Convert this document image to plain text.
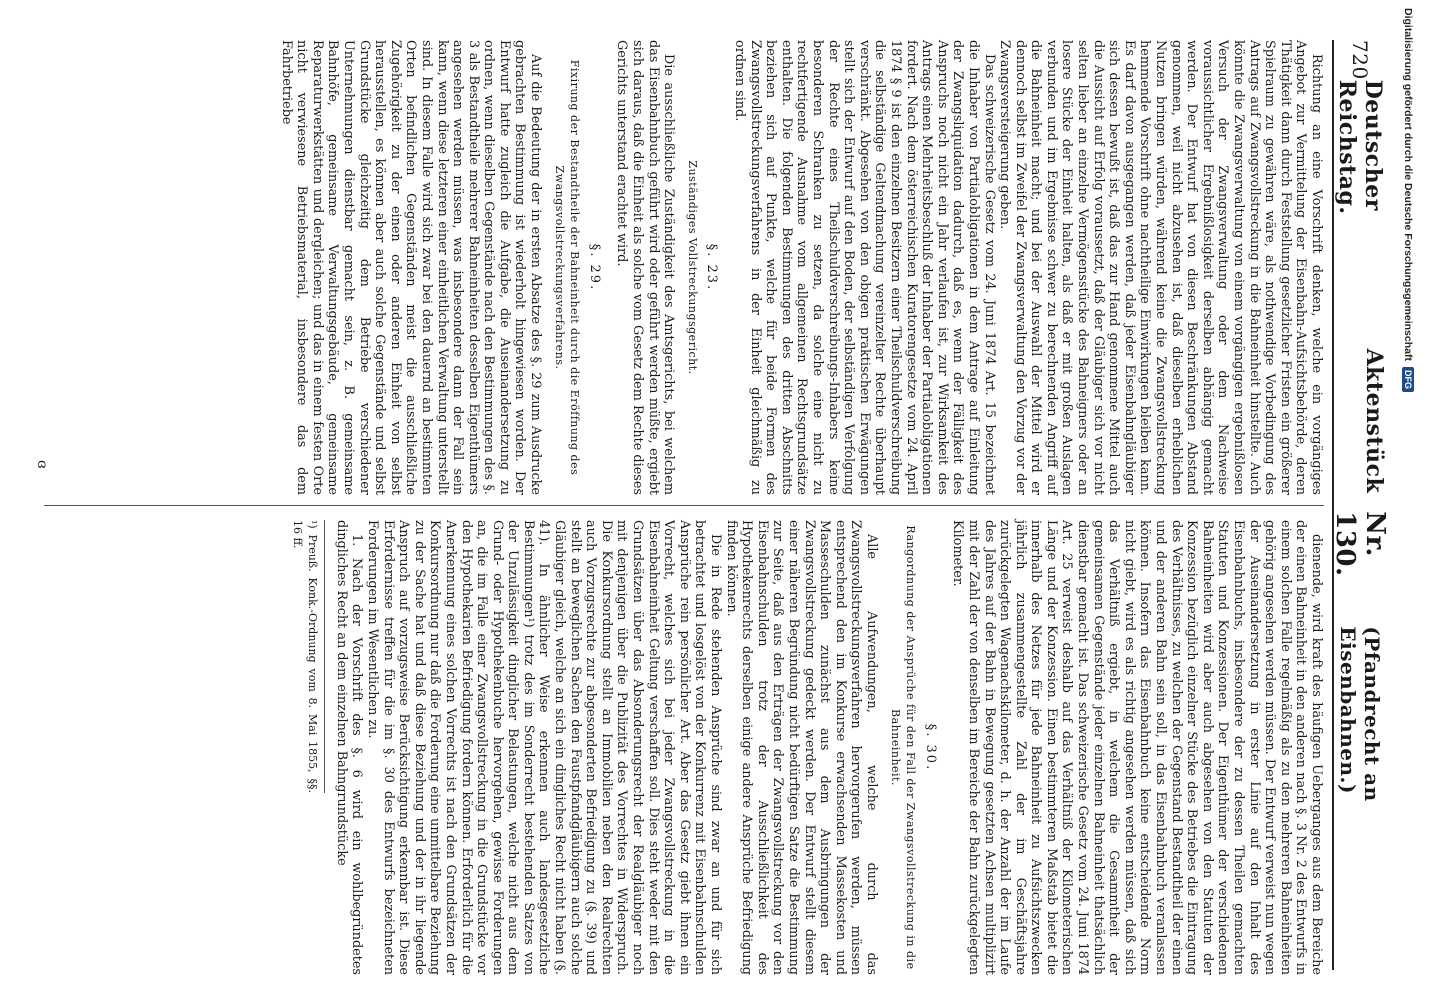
720
Deutscher Reichstag.
Aktenstück
Nr. 130.
(Pfandrecht an Eisenbahnen.)

Richtung an eine Vorschrift denken, welche ein vorgängiges Angebot zur Vermittelung der Eisenbahn-Aufsichtsbehörde, deren Thätigkeit dann durch Feststellung gesetzlicher Fristen ein größerer Spielraum zu gewähren wäre, als nothwendige Vorbedingung des Antrags auf Zwangsvollstreckung in die Bahneinheit hinstellte. Auch könnte die Zwangsverwaltung von einem vorgängigen ergebnißlosen Versuch der Zwangsverwaltung oder dem Nachweise voraussichtlicher Ergebnißlosigkeit derselben abhängig gemacht werden. Der Entwurf hat von diesen Beschränkungen Abstand genommen, weil nicht abzusehen ist, daß dieselben erheblichen Nutzen bringen würden, während keine die Zwangsvollstreckung hemmende Vorschrift ohne nachtheilige Einwirkungen bleiben kann. Es darf davon ausgegangen werden, daß jeder Eisenbahngläubiger sich dessen bewußt ist, daß das zur Hand genommene Mittel auch die Aussicht auf Erfolg voraussetzt, daß der Gläubiger sich vor nicht selten lieber an einzelne Vermögensstücke des Bahneigners oder an losere Stücke der Einheit halten, als daß er mit großen Auslagen verbunden und im Ergebnisse schwer zu berechnenden Angriff auf die Bahneinheit macht; und bei der Auswahl der Mittel wird er dennoch selbst im Zweifel der Zwangsverwaltung den Vorzug vor der Zwangsversteigerung geben.

Das schweizerische Gesetz vom 24. Juni 1874 Art. 15 bezeichnet die Inhaber von Partialobligationen in dem Antrage auf Einleitung der Zwangsliquidation dadurch, daß es, wenn der Fälligkeit des Anspruchs noch nicht ein Jahr verlaufen ist, zur Wirksamkeit des Antrags einen Mehrheitsbeschluß der Inhaber der Partialobligationen fordert. Nach dem österreichischen Kuratorengesetze vom 24. April 1874 § 9 ist den einzelnen Besitzern einer Theilschuldverschreibung die selbständige Geltendmachung vereinzelter Rechte überhaupt verschränkt. Abgesehen von den obigen praktischen Erwägungen stellt sich der Entwurf auf den Boden, der selbständigen Verfolgung der Rechte eines Theilschuldverschreibungs-Inhabers keine besonderen Schranken zu setzen, da solche eine nicht zu rechtfertigende Ausnahme vom allgemeinen Rechtsgrundsätze enthalten. Die folgenden Bestimmungen des dritten Abschnitts beziehen sich auf Punkte, welche für beide Formen des Zwangsvollstreckungsverfahrens in der Einheit gleichmäßig zu ordnen sind.

§. 23.

Zuständiges Vollstreckungsgericht.

Die ausschließliche Zuständigkeit des Amtsgerichts, bei welchem das Eisenbahnbuch geführt wird oder geführt werden müßte, ergiebt sich daraus, daß die Einheit als solche vom Gesetz dem Rechte dieses Gerichts unterstand erachtet wird.

§. 29.

Fixirung der Bestandtheile der Bahneinheit durch die Eröffnung des Zwangsvollstreckungsverfahrens.

Auf die Bedeutung der in ersten Absatze des §. 29 zum Ausdrucke gebrachten Bestimmung ist wiederholt hingewiesen worden. Der Entwurf hatte zugleich die Aufgabe, die Auseinandersetzung zu ordnen, wenn dieselben Gegenstände nach den Bestimmungen des §. 3 als Bestandtheile mehrerer Bahneinheiten desselben Eigenthümers angesehen werden müssen, was insbesondere dann der Fall sein kann, wenn diese letzteren einer einheitlichen Verwaltung unterstellt sind. In diesem Falle wird sich zwar bei den dauernd an bestimmten Orten befindlichen Gegenständen meist die ausschließliche Zugehörigkeit zu der einen oder anderen Einheit von selbst herausstellen, es können aber auch solche Gegenstände und selbst Grundstücke gleichzeitig dem Betriebe verschiedener Unternehmungen dienstbar gemacht sein, z. B. gemeinsame Bahnhöfe, gemeinsame Verwaltungsgebäude, gemeinsame Reparaturwerkstätten und dergleichen; und das in einem festen Orte nicht verwiesene Betriebsmaterial, insbesondere das dem Fahrbetriebe

dienende, wird kraft des häufigen Ueberganges aus dem Bereiche der einen Bahneinheit in den anderen nach §. 3 Nr. 2 des Entwurfs in einem solchen Falle regelmäßig als zu den mehreren Bahneinheiten gehörig angesehen werden müssen. Der Entwurf verweist nun wegen der Auseinandersetzung in erster Linie auf den Inhalt des Eisenbahnbuchs, insbesondere der zu dessen Theilen gemachten Statuten und Konzessionen. Der Eigenthümer der verschiedenen Bahneinheiten wird aber auch abgesehen von den Statuten der Konzession bezüglich einzelner Stücke des Betriebes die Eintragung des Verhältnisses, zu welchen der Gegenstand Bestandtheil der einen und der anderen Bahn sein soll, in das Eisenbahnbuch veranlassen können. Insofern das Eisenbahnbuch keine entscheidende Norm nicht giebt, wird es als richtig angesehen werden müssen, daß sich das Verhältniß ergiebt, in welchem die Gesammtheit der gemeinsamen Gegenstände jeder einzelnen Bahneinheit thatsächlich dienstbar gemacht ist. Das schweizerische Gesetz vom 24. Juni 1874 Art. 25 verweist deshalb auf das Verhältniß der Kilometerischen Länge und der Konzession. Einen bestimmteren Maßstab bietet die innerhalb des Netzes für jede Bahneinheit zu Aufsichtszwecken jährlich zusammengestellte Zahl der im Geschäftsjahre zurückgelegten Wagenachskilometer, d. h. der Anzahl der im Laufe des Jahres auf der Bahn in Bewegung gesetzten Achsen multiplizirt mit der Zahl der von denselben im Bereiche der Bahn zurückgelegten Kilometer.

§. 30.

Rangordnung der Ansprüche für den Fall der Zwangsvollstreckung in die Bahneinheit.

Alle Aufwendungen, welche durch das Zwangsvollstreckungsverfahren hervorgerufen werden, müssen entsprechend den im Konkurse erwachsenden Massekosten und Masseschulden zunächst aus dem Ausbringungen der Zwangsvollstreckung gedeckt werden. Der Entwurf stellt diesem einer näheren Begründung nicht bedürftigen Satze die Bestimmung zur Seite, daß aus den Erträgen der Zwangsvollstreckung vor den Eisenbahnschulden trotz der Ausschließlichkeit des Hypothekenrechts derselben einige andere Ansprüche Befriedigung finden können.

Die in Rede stehenden Ansprüche sind zwar an und für sich betrachtet und losgelöst von der Konkurrenz mit Eisenbahnschulden Ansprüche rein persönlicher Art. Aber das Gesetz giebt ihnen ein Vorrecht, welches sich bei jeder Zwangsvollstreckung in die Eisenbahneinheit Geltung verschaffen soll. Dies steht weder mit den Grundsätzen über das Absonderungsrecht der Realgläubiger noch mit denjenigen über die Publizität des Vorrechtes in Widerspruch. Die Konkursordnung stellt an Immobilien neben den Realrechten auch Vorzugsrechte zur abgesonderten Befriedigung zu (§. 39) und stellt an beweglichen Sachen den Faustpfandgläubigern auch solche Gläubiger gleich, welche an sich ein dingliches Recht nicht haben (§. 41). In ähnlicher Weise erkennen auch landesgesetzliche Bestimmungen¹) trotz des im Sonderrecht bestehenden Satzes von der Unzulässigkeit dinglicher Belastungen, welche nicht aus dem Grund- oder Hypothekenbuche hervorgehen, gewisse Forderungen an, die im Falle einer Zwangsvollstreckung in die Grundstücke vor den Hypothekarien Befriedigung fordern können. Erforderlich für die Anerkennung eines solchen Vorrechts ist nach den Grundsätzen der Konkursordnung nur daß die Forderung eine unmittelbare Beziehung zu der Sache hat und daß diese Beziehung und der in ihr liegende Anspruch auf vorzugsweise Berücksichtigung erkennbar ist. Diese Erfordernisse treffen für die im §. 30 des Entwurfs bezeichneten Forderungen im Wesentlichen zu.

1. Nach der Vorschrift des §. 6 wird ein wohlbegründetes dingliches Recht an dem einzelnen Bahngrundstücke

¹) Preuß. Konk.-Ordnung vom 8. Mai 1855, §§. 16 ff.

ɞ
Digitalisierung gefördert durch die Deutsche Forschungsgemeinschaft
DFG
